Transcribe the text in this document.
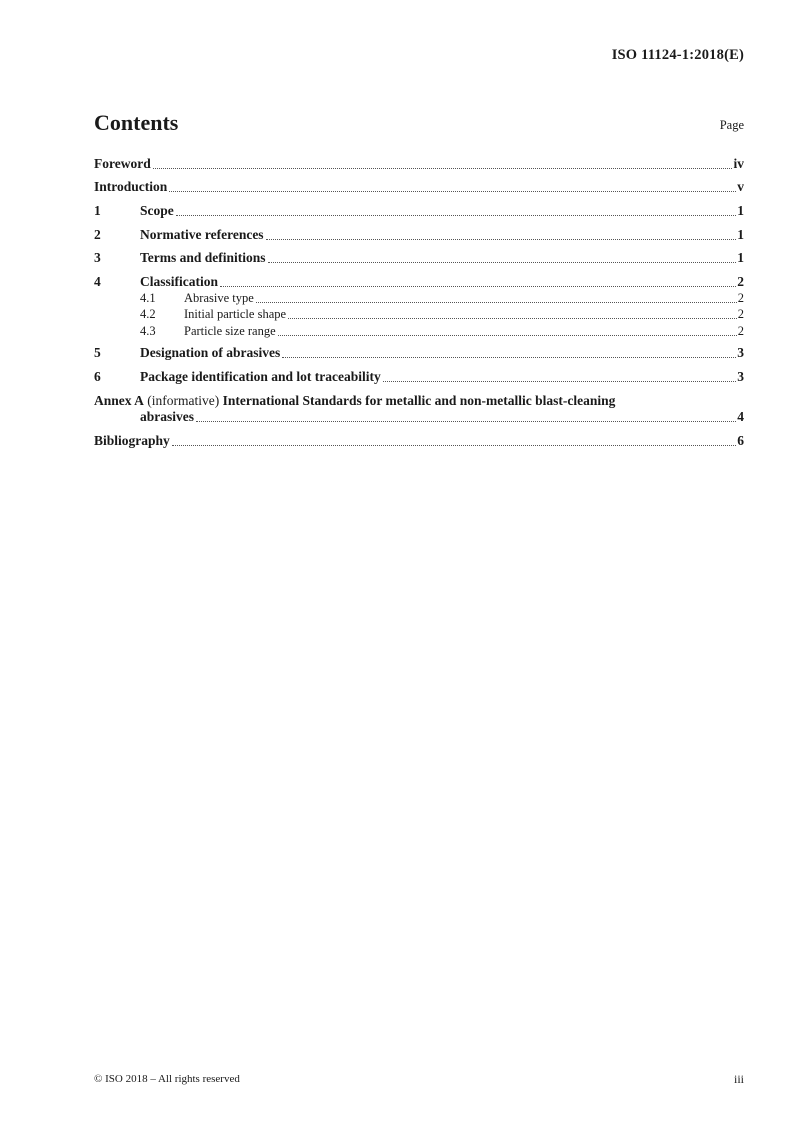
ISO 11124-1:2018(E)
Contents	Page
Foreword	iv
Introduction	v
1	Scope	1
2	Normative references	1
3	Terms and definitions	1
4	Classification	2
4.1	Abrasive type	2
4.2	Initial particle shape	2
4.3	Particle size range	2
5	Designation of abrasives	3
6	Package identification and lot traceability	3
Annex A (informative) International Standards for metallic and non-metallic blast-cleaning
abrasives	4
Bibliography	6
© ISO 2018 – All rights reserved	iii
